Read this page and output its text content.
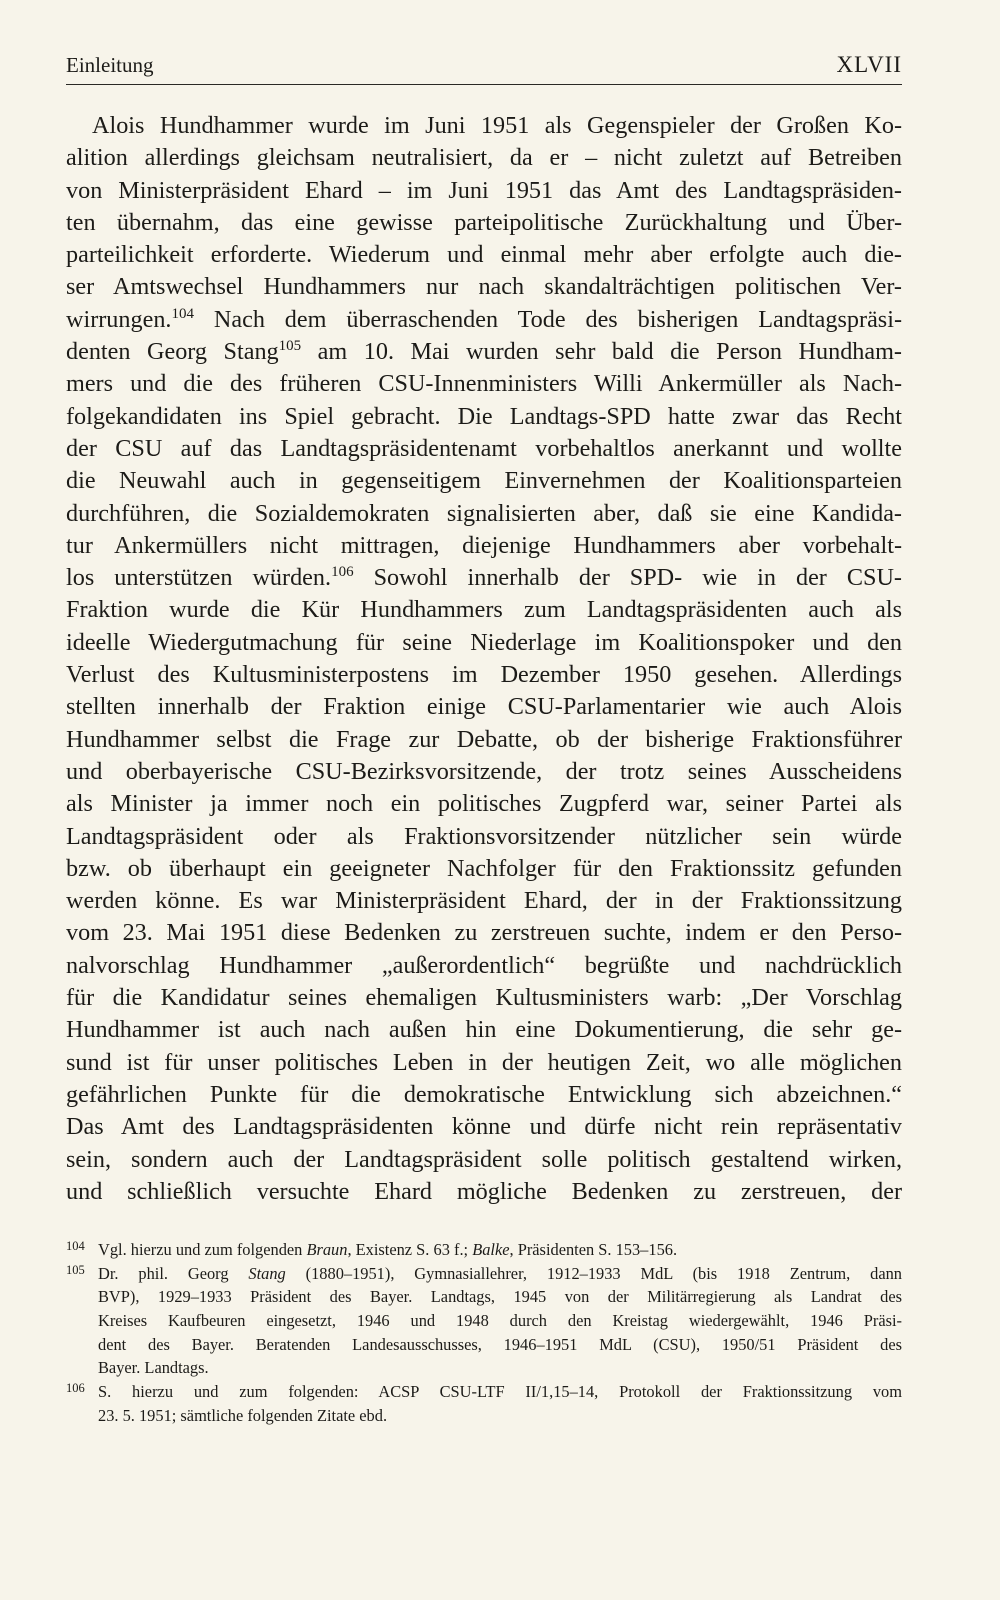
Einleitung	XLVII
Alois Hundhammer wurde im Juni 1951 als Gegenspieler der Großen Ko-
alition allerdings gleichsam neutralisiert, da er – nicht zuletzt auf Betreiben
von Ministerpräsident Ehard – im Juni 1951 das Amt des Landtagspräsiden-
ten übernahm, das eine gewisse parteipolitische Zurückhaltung und Über-
parteilichkeit erforderte. Wiederum und einmal mehr aber erfolgte auch die-
ser Amtswechsel Hundhammers nur nach skandalträchtigen politischen Ver-
wirrungen.$^{104}$ Nach dem überraschenden Tode des bisherigen Landtagspräsi-
denten Georg Stang$^{105}$ am 10. Mai wurden sehr bald die Person Hundham-
mers und die des früheren CSU-Innenministers Willi Ankermüller als Nach-
folgekandidaten ins Spiel gebracht. Die Landtags-SPD hatte zwar das Recht
der CSU auf das Landtagspräsidentenamt vorbehaltlos anerkannt und wollte
die Neuwahl auch in gegenseitigem Einvernehmen der Koalitionsparteien
durchführen, die Sozialdemokraten signalisierten aber, daß sie eine Kandida-
tur Ankermüllers nicht mittragen, diejenige Hundhammers aber vorbehalt-
los unterstützen würden.$^{106}$ Sowohl innerhalb der SPD- wie in der CSU-
Fraktion wurde die Kür Hundhammers zum Landtagspräsidenten auch als
ideelle Wiedergutmachung für seine Niederlage im Koalitionspoker und den
Verlust des Kultusministerpostens im Dezember 1950 gesehen. Allerdings
stellten innerhalb der Fraktion einige CSU-Parlamentarier wie auch Alois
Hundhammer selbst die Frage zur Debatte, ob der bisherige Fraktionsführer
und oberbayerische CSU-Bezirksvorsitzende, der trotz seines Ausscheidens
als Minister ja immer noch ein politisches Zugpferd war, seiner Partei als
Landtagspräsident oder als Fraktionsvorsitzender nützlicher sein würde
bzw. ob überhaupt ein geeigneter Nachfolger für den Fraktionssitz gefunden
werden könne. Es war Ministerpräsident Ehard, der in der Fraktionssitzung
vom 23. Mai 1951 diese Bedenken zu zerstreuen suchte, indem er den Perso-
nalvorschlag Hundhammer „außerordentlich“ begrüßte und nachdrücklich
für die Kandidatur seines ehemaligen Kultusministers warb: „Der Vorschlag
Hundhammer ist auch nach außen hin eine Dokumentierung, die sehr ge-
sund ist für unser politisches Leben in der heutigen Zeit, wo alle möglichen
gefährlichen Punkte für die demokratische Entwicklung sich abzeichnen.“
Das Amt des Landtagspräsidenten könne und dürfe nicht rein repräsentativ
sein, sondern auch der Landtagspräsident solle politisch gestaltend wirken,
und schließlich versuchte Ehard mögliche Bedenken zu zerstreuen, der
104 Vgl. hierzu und zum folgenden Braun, Existenz S. 63 f.; Balke, Präsidenten S. 153–156.
105 Dr. phil. Georg Stang (1880–1951), Gymnasiallehrer, 1912–1933 MdL (bis 1918 Zentrum, dann
BVP), 1929–1933 Präsident des Bayer. Landtags, 1945 von der Militärregierung als Landrat des
Kreises Kaufbeuren eingesetzt, 1946 und 1948 durch den Kreistag wiedergewählt, 1946 Präsi-
dent des Bayer. Beratenden Landesausschusses, 1946–1951 MdL (CSU), 1950/51 Präsident des
Bayer. Landtags.
106 S. hierzu und zum folgenden: ACSP CSU-LTF II/1,15–14, Protokoll der Fraktionssitzung vom
23. 5. 1951; sämtliche folgenden Zitate ebd.
